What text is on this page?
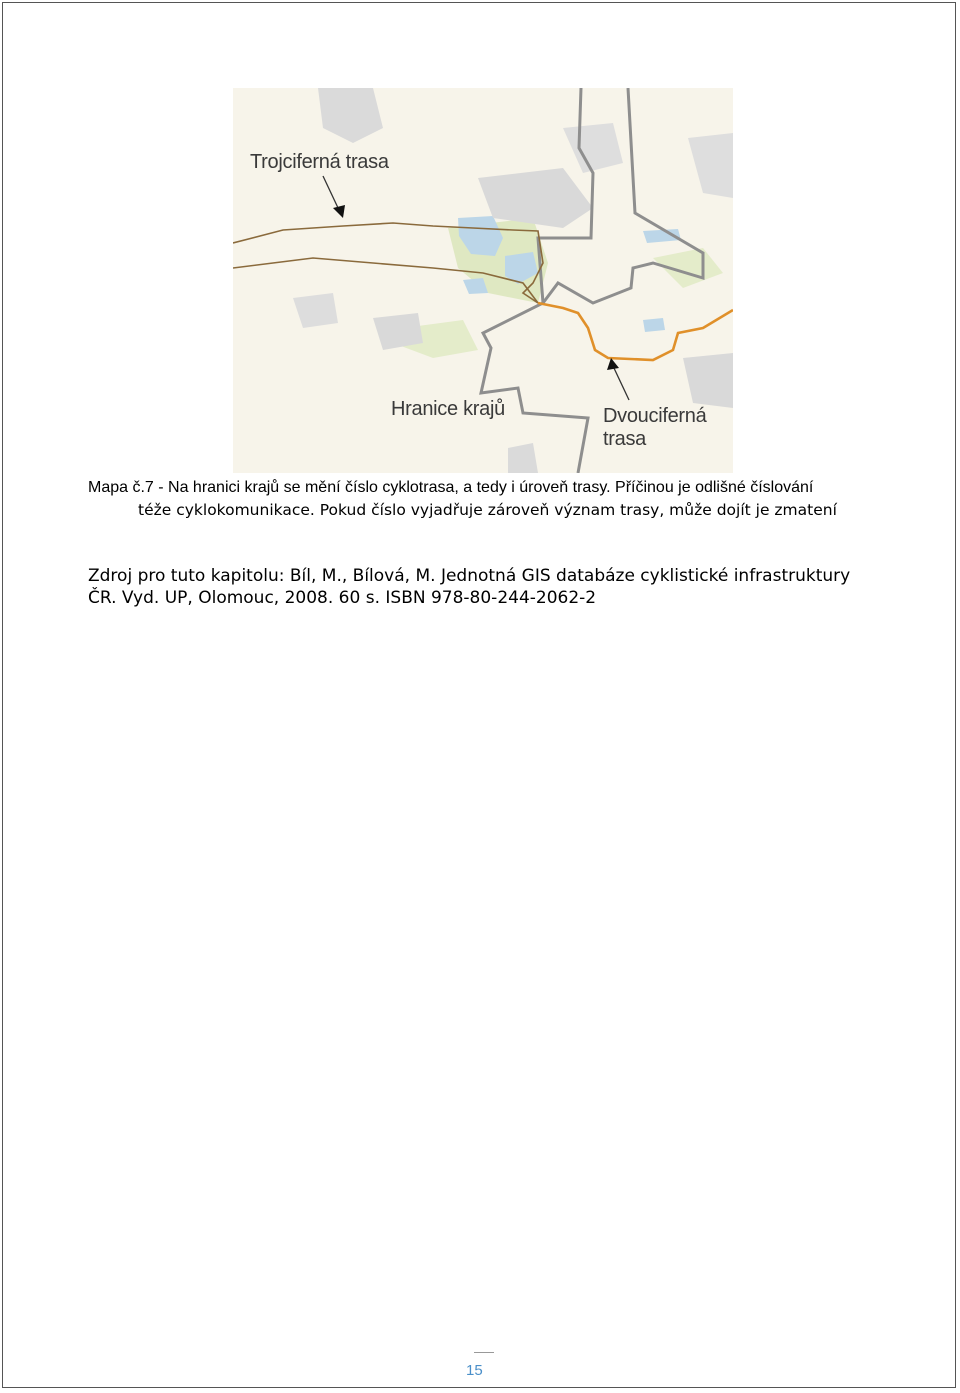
Trojciferná trasa
Hranice krajů	Dvouciferná
trasa
Mapa č.7 - Na hranici krajů se mění číslo cyklotrasa, a tedy i úroveň trasy. Příčinou je odlišné číslování
téže cyklokomunikace. Pokud číslo vyjadřuje zároveň význam trasy, může dojít je zmatení
Zdroj pro tuto kapitolu: Bíl, M., Bílová, M. Jednotná GIS databáze cyklistické infrastruktury
ČR. Vyd. UP, Olomouc, 2008. 60 s. ISBN 978-80-244-2062-2
15
